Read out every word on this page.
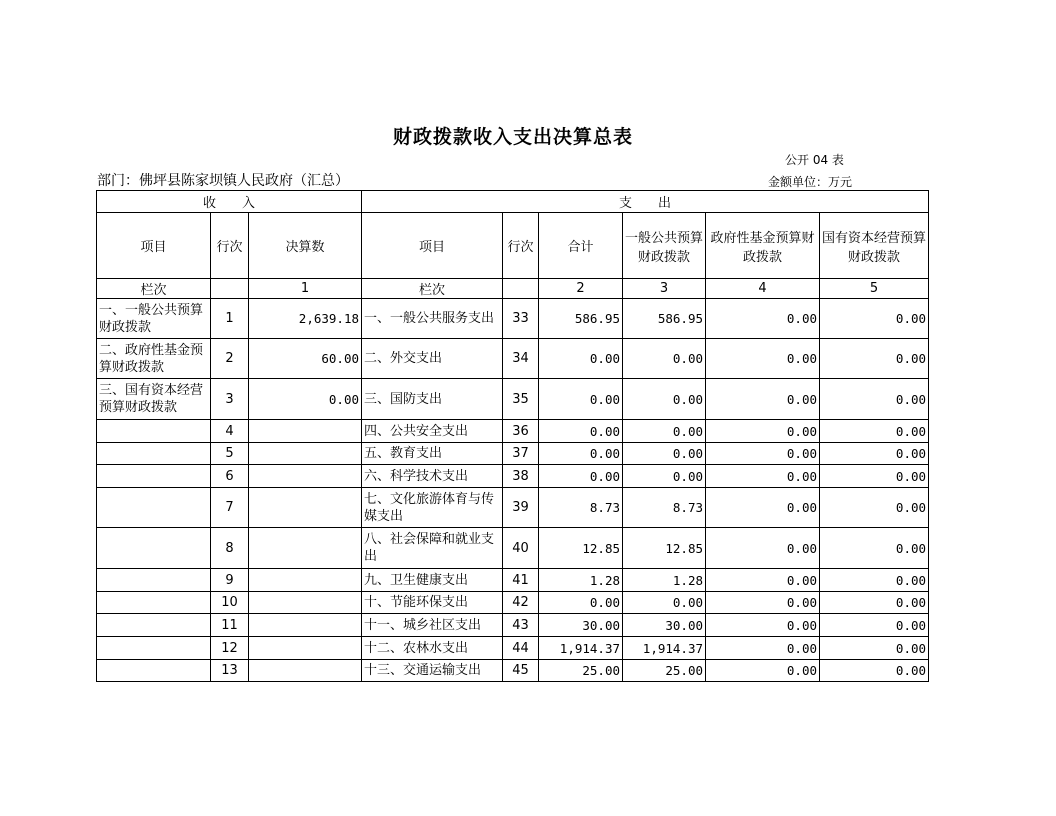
财政拨款收入支出决算总表
公开 04 表
部门：佛坪县陈家坝镇人民政府（汇总）	金额单位：万元
收　　入			支　　出					
项目	行次	决算数	项目	行次	合计	一般公共预算财政拨款	政府性基金预算财政拨款	国有资本经营预算财政拨款
栏次		1	栏次		2	3	4	5
一、一般公共预算财政拨款	1	2,639.18	一、一般公共服务支出	33	586.95	586.95	0.00	0.00
二、政府性基金预算财政拨款	2	60.00	二、外交支出	34	0.00	0.00	0.00	0.00
三、国有资本经营预算财政拨款	3	0.00	三、国防支出	35	0.00	0.00	0.00	0.00
	4		四、公共安全支出	36	0.00	0.00	0.00	0.00
	5		五、教育支出	37	0.00	0.00	0.00	0.00
	6		六、科学技术支出	38	0.00	0.00	0.00	0.00
	7		七、文化旅游体育与传媒支出	39	8.73	8.73	0.00	0.00
	8		八、社会保障和就业支出	40	12.85	12.85	0.00	0.00
	9		九、卫生健康支出	41	1.28	1.28	0.00	0.00
	10		十、节能环保支出	42	0.00	0.00	0.00	0.00
	11		十一、城乡社区支出	43	30.00	30.00	0.00	0.00
	12		十二、农林水支出	44	1,914.37	1,914.37	0.00	0.00
	13		十三、交通运输支出	45	25.00	25.00	0.00	0.00
